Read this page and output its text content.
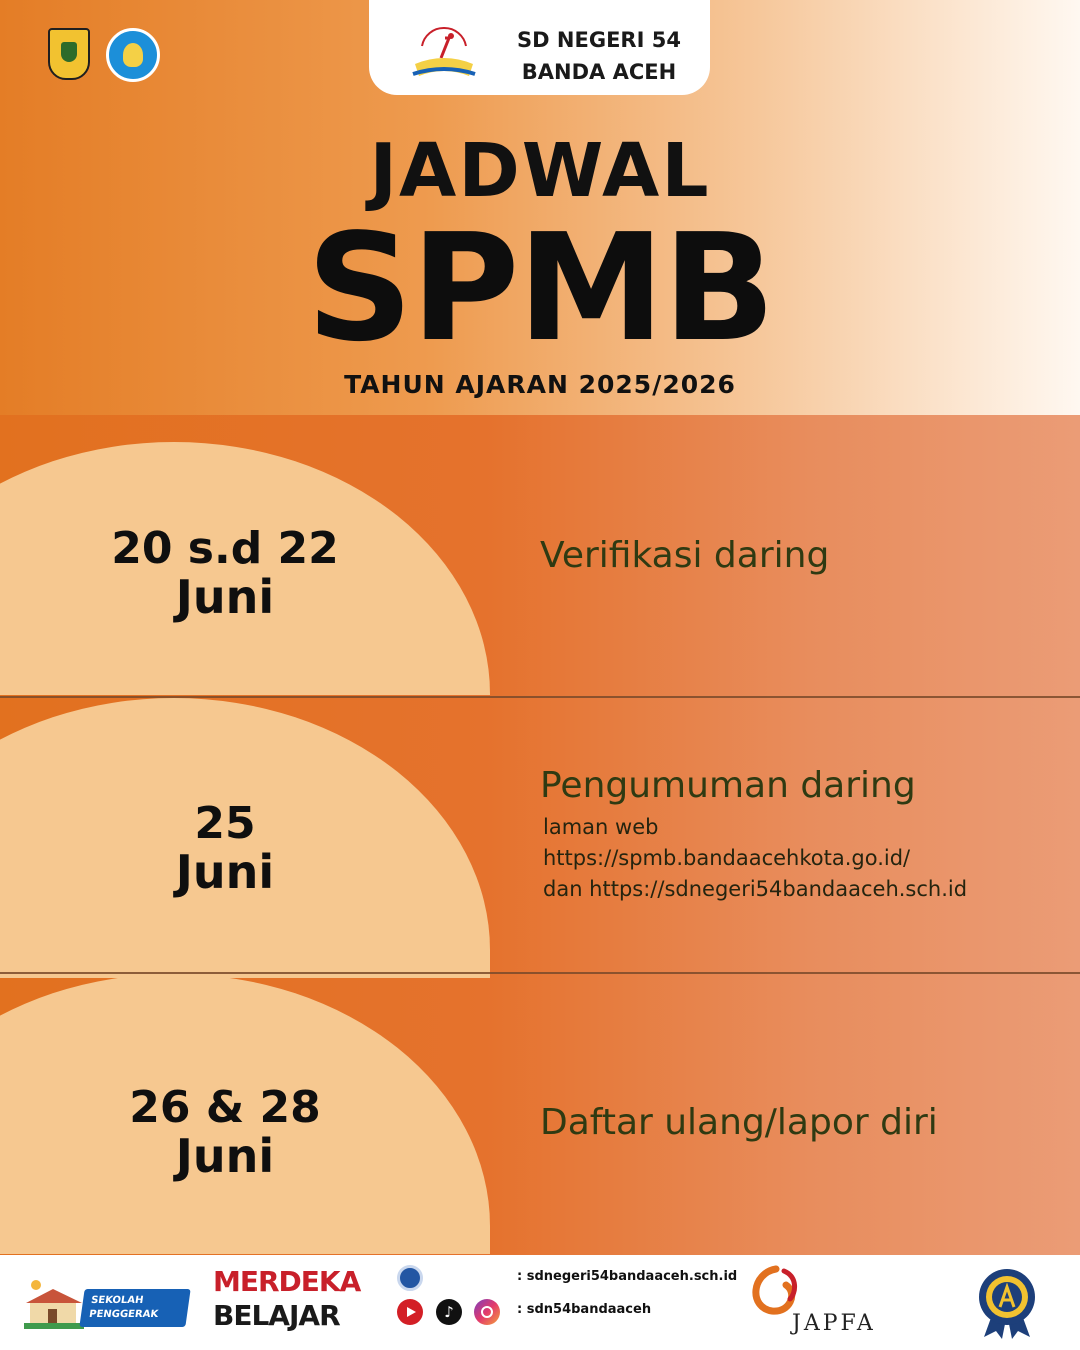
SD NEGERI 54
BANDA ACEH
JADWAL
SPMB
TAHUN AJARAN 2025/2026
20 s.d 22
Juni
Verifikasi daring
25
Juni
Pengumuman daring
laman web
https://spmb.bandaacehkota.go.id/
dan https://sdnegeri54bandaaceh.sch.id
26 & 28
Juni
Daftar ulang/lapor diri
SEKOLAH
PENGGERAK
MERDEKA
BELAJAR	♪
: sdnegeri54bandaaceh.sch.id
: sdn54bandaaceh
JAPFA
